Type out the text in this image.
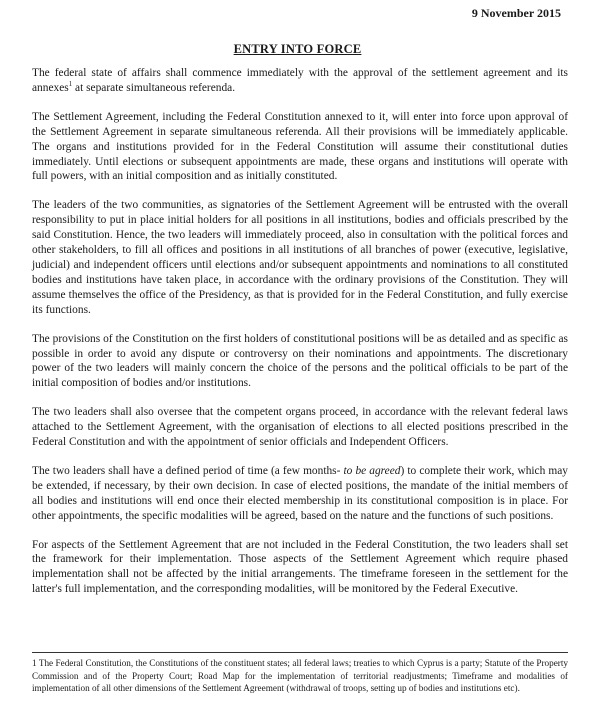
9 November 2015
ENTRY INTO FORCE

The federal state of affairs shall commence immediately with the approval of the settlement agreement and its annexes$^1$ at separate simultaneous referenda.

The Settlement Agreement, including the Federal Constitution annexed to it, will enter into force upon approval of the Settlement Agreement in separate simultaneous referenda. All their provisions will be immediately applicable. The organs and institutions provided for in the Federal Constitution will assume their constitutional duties immediately. Until elections or subsequent appointments are made, these organs and institutions will operate with full powers, with an initial composition and as initially constituted.

The leaders of the two communities, as signatories of the Settlement Agreement will be entrusted with the overall responsibility to put in place initial holders for all positions in all institutions, bodies and officials prescribed by the said Constitution. Hence, the two leaders will immediately proceed, also in consultation with the political forces and other stakeholders, to fill all offices and positions in all institutions of all branches of power (executive, legislative, judicial) and independent officers until elections and/or subsequent appointments and nominations to all constituted bodies and institutions have taken place, in accordance with the ordinary provisions of the Constitution. They will assume themselves the office of the Presidency, as that is provided for in the Federal Constitution, and fully exercise its functions.

The provisions of the Constitution on the first holders of constitutional positions will be as detailed and as specific as possible in order to avoid any dispute or controversy on their nominations and appointments. The discretionary power of the two leaders will mainly concern the choice of the persons and the political officials to be part of the initial composition of bodies and/or institutions.

The two leaders shall also oversee that the competent organs proceed, in accordance with the relevant federal laws attached to the Settlement Agreement, with the organisation of elections to all elected positions prescribed in the Federal Constitution and with the appointment of senior officials and Independent Officers.

The two leaders shall have a defined period of time (a few months- to be agreed) to complete their work, which may be extended, if necessary, by their own decision. In case of elected positions, the mandate of the initial members of all bodies and institutions will end once their elected membership in its constitutional composition is in place. For other appointments, the specific modalities will be agreed, based on the nature and the functions of such positions.

For aspects of the Settlement Agreement that are not included in the Federal Constitution, the two leaders shall set the framework for their implementation. Those aspects of the Settlement Agreement which require phased implementation shall not be affected by the initial arrangements. The timeframe foreseen in the settlement for the latter's full implementation, and the corresponding modalities, will be monitored by the Federal Executive.

1 The Federal Constitution, the Constitutions of the constituent states; all federal laws; treaties to which Cyprus is a party; Statute of the Property Commission and of the Property Court; Road Map for the implementation of territorial readjustments; Timeframe and modalities of implementation of all other dimensions of the Settlement Agreement (withdrawal of troops, setting up of bodies and institutions etc).
